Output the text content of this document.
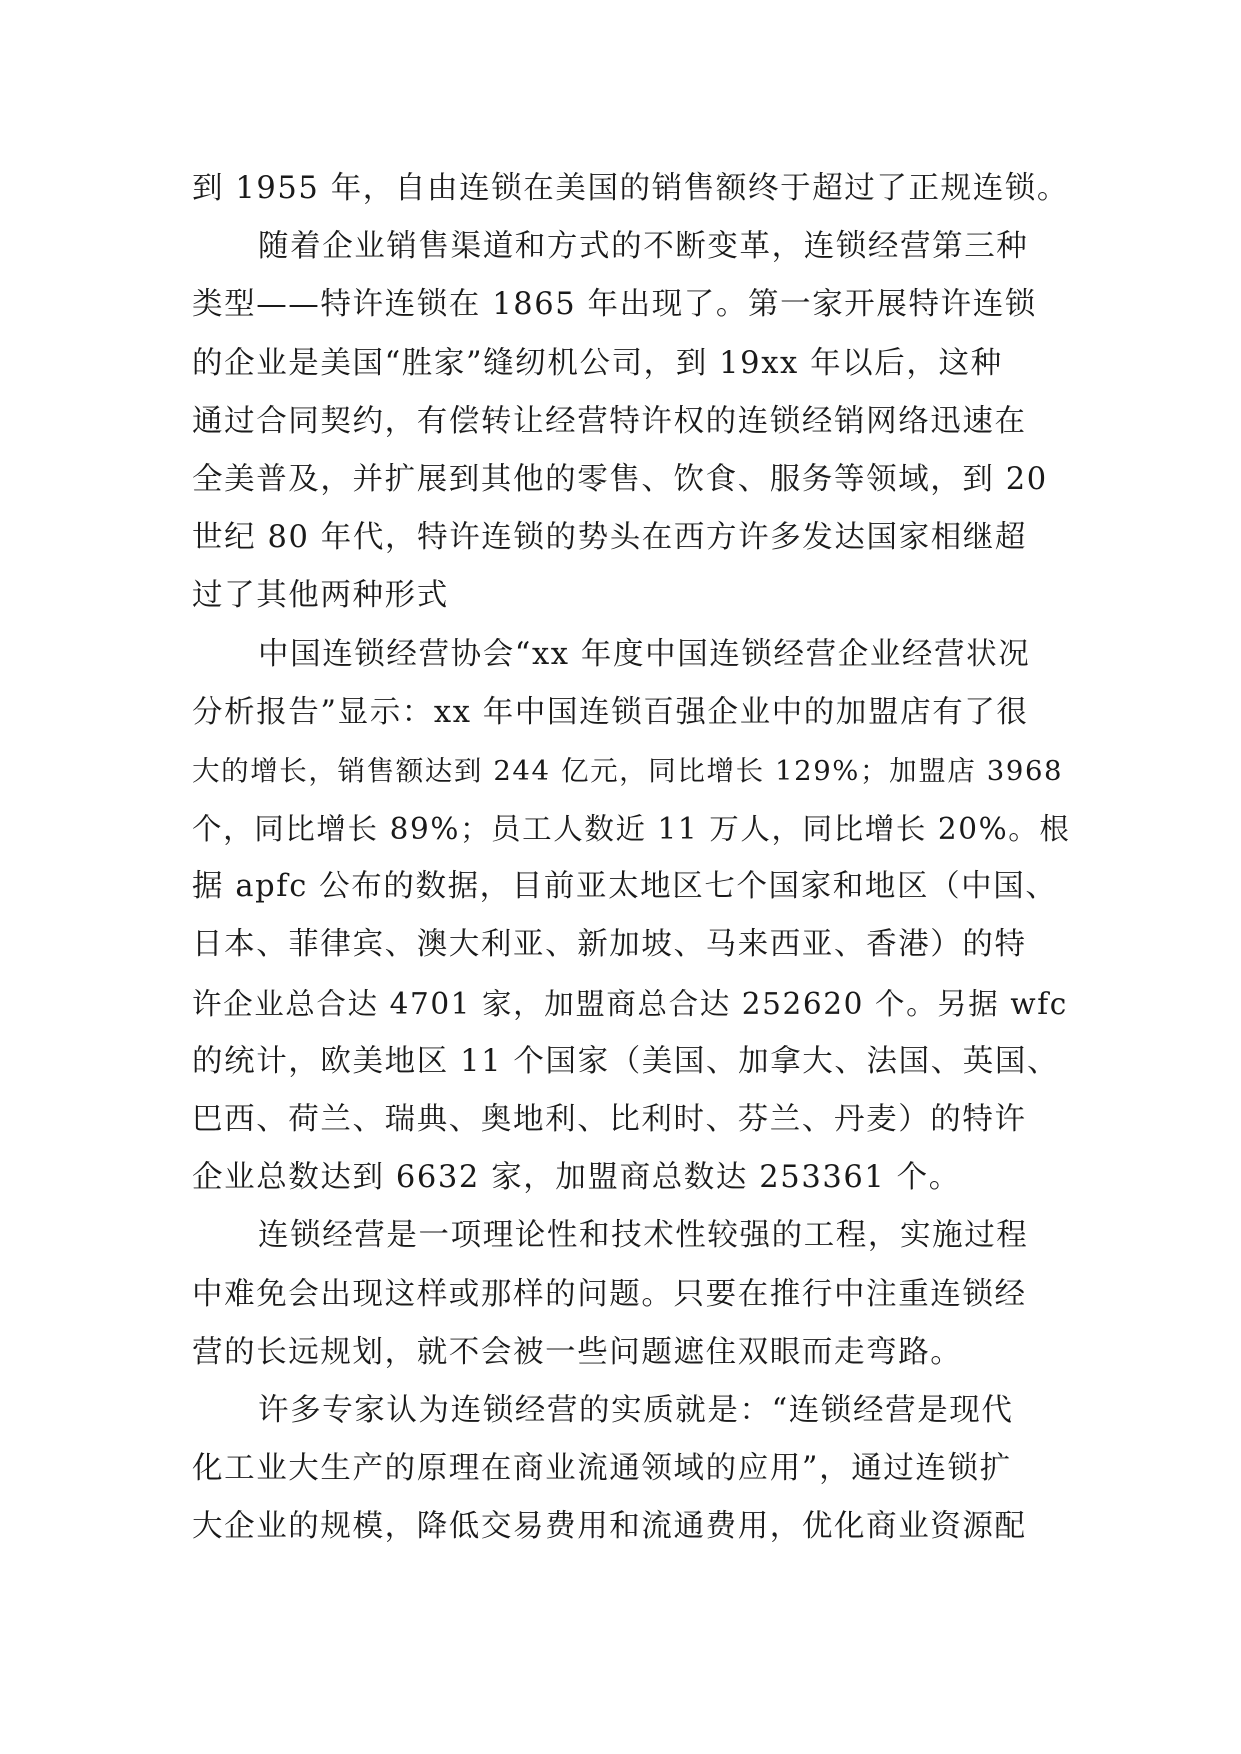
到 1955 年，自由连锁在美国的销售额终于超过了正规连锁。
随着企业销售渠道和方式的不断变革，连锁经营第三种
类型——特许连锁在 1865 年出现了。第一家开展特许连锁
的企业是美国“胜家”缝纫机公司，到 19xx 年以后，这种
通过合同契约，有偿转让经营特许权的连锁经销网络迅速在
全美普及，并扩展到其他的零售、饮食、服务等领域，到 20
世纪 80 年代，特许连锁的势头在西方许多发达国家相继超
过了其他两种形式
中国连锁经营协会“xx 年度中国连锁经营企业经营状况
分析报告”显示：xx 年中国连锁百强企业中的加盟店有了很
大的增长，销售额达到 244 亿元，同比增长 129%；加盟店 3968
个，同比增长 89%；员工人数近 11 万人，同比增长 20%。根
据 apfc 公布的数据，目前亚太地区七个国家和地区（中国、
日本、菲律宾、澳大利亚、新加坡、马来西亚、香港）的特
许企业总合达 4701 家，加盟商总合达 252620 个。另据 wfc
的统计，欧美地区 11 个国家（美国、加拿大、法国、英国、
巴西、荷兰、瑞典、奥地利、比利时、芬兰、丹麦）的特许
企业总数达到 6632 家，加盟商总数达 253361 个。
连锁经营是一项理论性和技术性较强的工程，实施过程
中难免会出现这样或那样的问题。只要在推行中注重连锁经
营的长远规划，就不会被一些问题遮住双眼而走弯路。
许多专家认为连锁经营的实质就是：“连锁经营是现代
化工业大生产的原理在商业流通领域的应用”，通过连锁扩
大企业的规模，降低交易费用和流通费用，优化商业资源配
